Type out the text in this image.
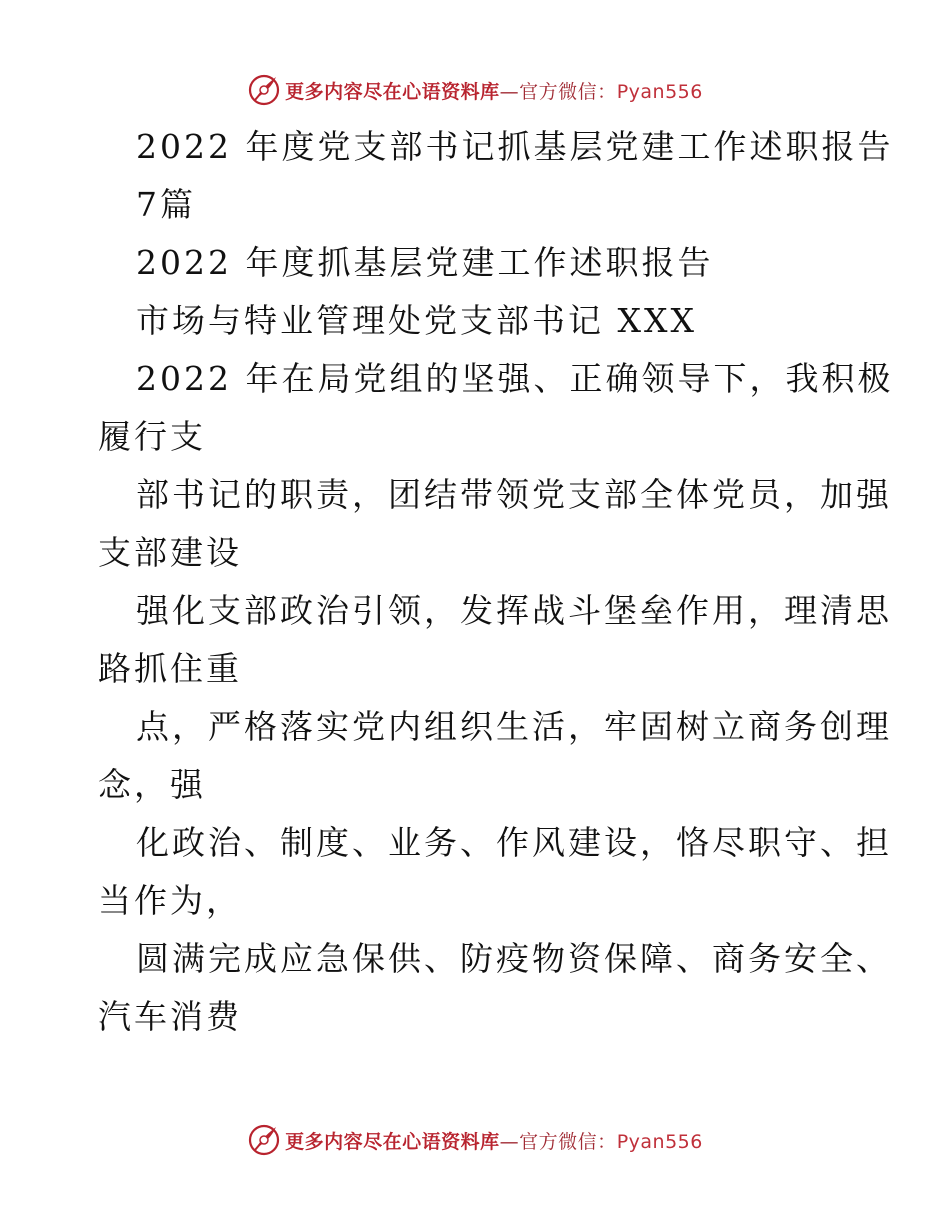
更多内容尽在心语资料库—官方微信：Pyan556
2022 年度党支部书记抓基层党建工作述职报告
7篇
2022 年度抓基层党建工作述职报告
市场与特业管理处党支部书记 XXX
2022 年在局党组的坚强、正确领导下，我积极
履行支
部书记的职责，团结带领党支部全体党员，加强
支部建设
强化支部政治引领，发挥战斗堡垒作用，理清思
路抓住重
点，严格落实党内组织生活，牢固树立商务创理
念，强
化政治、制度、业务、作风建设，恪尽职守、担
当作为，
圆满完成应急保供、防疫物资保障、商务安全、
汽车消费
更多内容尽在心语资料库—官方微信：Pyan556
